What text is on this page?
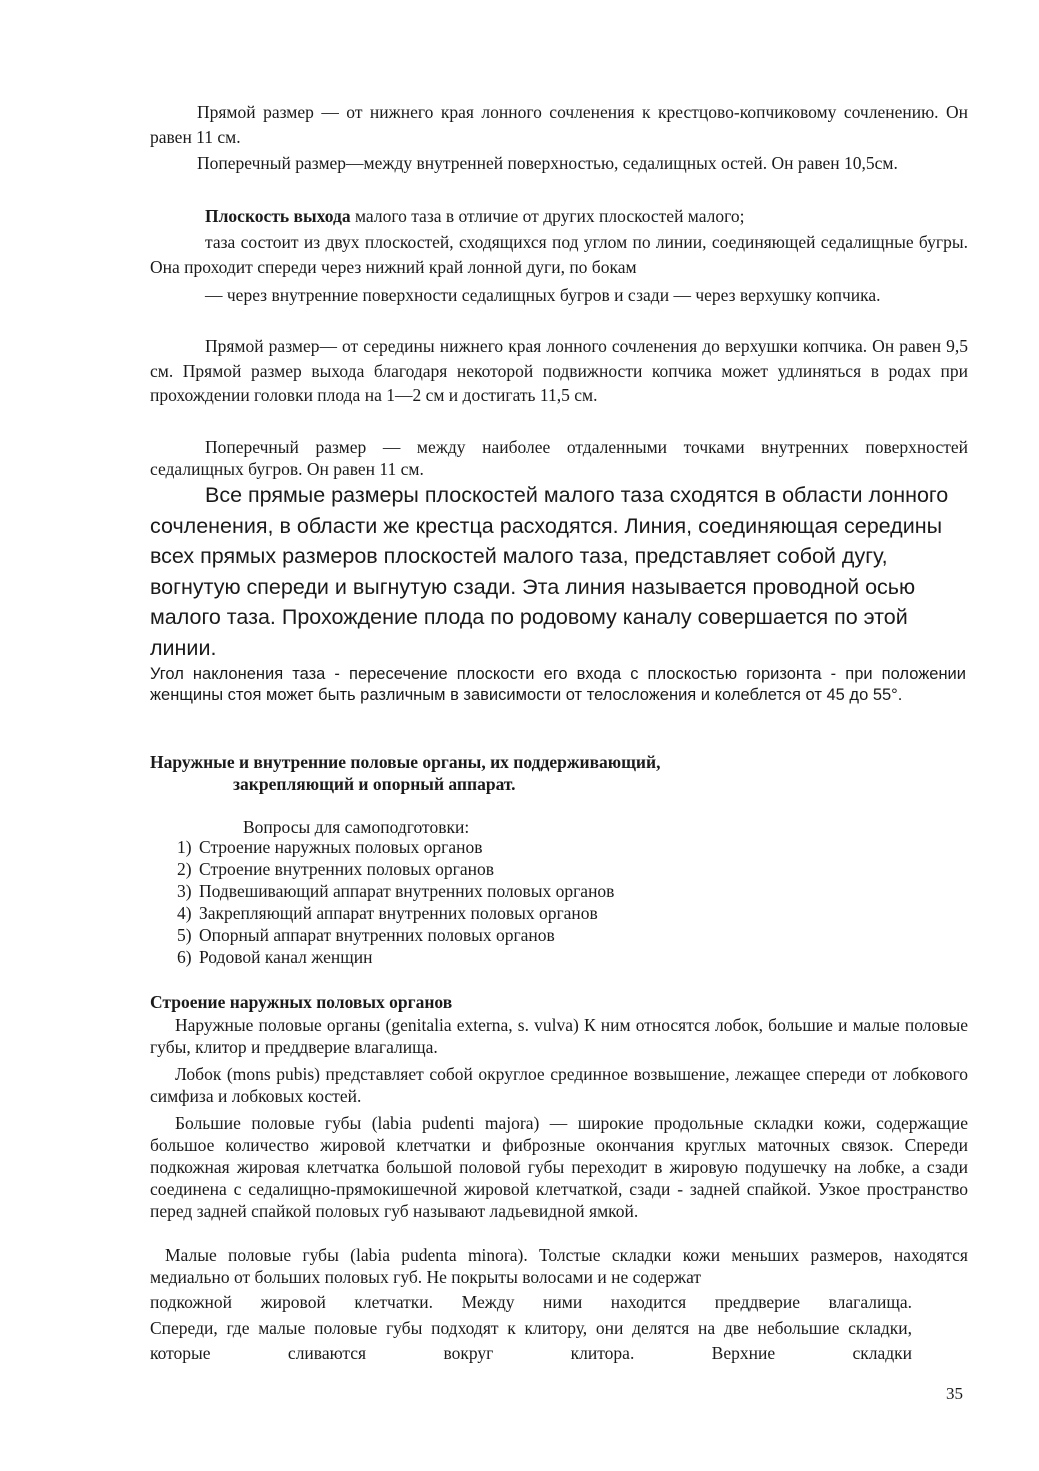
Прямой размер — от нижнего края лонного сочленения к крестцово-копчиковому сочленению. Он равен 11 см.

Поперечный размер—между внутренней поверхностью, седалищных остей. Он равен 10,5см.

Плоскость выхода малого таза в отличие от других плоскостей малого;

таза состоит из двух плоскостей, сходящихся под углом по линии, соединяющей седалищные бугры. Она проходит спереди через нижний край лонной дуги, по бокам

— через внутренние поверхности седалищных бугров и сзади — через верхушку копчика.

Прямой размер— от середины нижнего края лонного сочленения до верхушки копчика. Он равен 9,5 см. Прямой размер выхода благодаря некоторой подвижности копчика может удлиняться в родах при прохождении головки плода на 1—2 см и достигать 11,5 см.

Поперечный размер — между наиболее отдаленными точками внутренних поверхностей седалищных бугров. Он равен 11 см.

Все прямые размеры плоскостей малого таза сходятся в области лонного сочленения, в области же крестца расходятся. Линия, соединяющая середины всех прямых размеров плоскостей малого таза, представляет собой дугу, вогнутую спереди и выгнутую сзади. Эта линия называется проводной осью малого таза. Прохождение плода по родовому каналу совершается по этой линии.

Угол наклонения таза - пересечение плоскости его входа с плоскостью горизонта - при положении женщины стоя может быть различным в зависимости от телосложения и колеблется от 45 до 55°.

Наружные и внутренние половые органы, их поддерживающий,

закрепляющий и опорный аппарат.

Вопросы для самоподготовки:

1) Строение наружных половых органов
2) Строение внутренних половых органов
3) Подвешивающий аппарат внутренних половых органов
4) Закрепляющий аппарат внутренних половых органов
5) Опорный аппарат внутренних половых органов
6) Родовой канал женщин

Строение наружных половых органов

Наружные половые органы (genitalia externa, s. vulva) К ним относятся лобок, большие и малые половые губы, клитор и преддверие влагалища.

Лобок (mons pubis) представляет собой округлое срединное возвышение, лежащее спереди от лобкового симфиза и лобковых костей.

Большие половые губы (labia pudenti majora) — широкие продольные складки кожи, содержащие большое количество жировой клетчатки и фиброзные окончания круглых маточных связок. Спереди подкожная жировая клетчатка большой половой губы переходит в жировую подушечку на лобке, а сзади соединена с седалищно-прямокишечной жировой клетчаткой, сзади - задней спайкой. Узкое пространство перед задней спайкой половых губ называют ладьевидной ямкой.

Малые половые губы (labia pudenta minora). Толстые складки кожи меньших размеров, находятся медиально от больших половых губ. Не покрыты волосами и не содержат

подкожной жировой клетчатки. Между ними находится преддверие влагалища.

Спереди, где малые половые губы подходят к клитору, они делятся на две небольшие складки, которые сливаются вокруг клитора. Верхние складки

35
